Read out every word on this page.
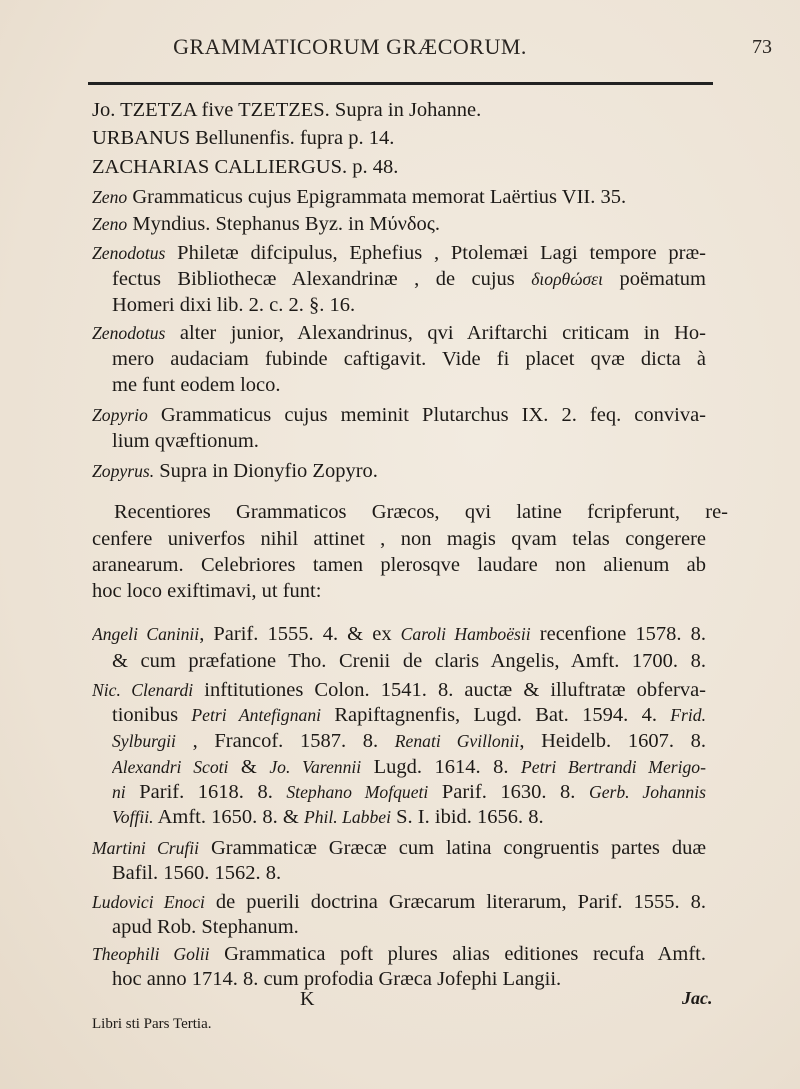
GRAMMATICORUM GRÆCORUM.	73
Jo. TZETZA five TZETZES. Supra in Johanne.
URBANUS Bellunenfis. fupra p. 14.
ZACHARIAS CALLIERGUS. p. 48.
Zeno Grammaticus cujus Epigrammata memorat Laërtius VII. 35.
Zeno Myndius. Stephanus Byz. in Μύνδος.
Zenodotus Philetæ difcipulus, Ephefius , Ptolemæi Lagi tempore præ-
fectus Bibliothecæ Alexandrinæ , de cujus διορθώσει poëmatum
Homeri dixi lib. 2. c. 2. §. 16.
Zenodotus alter junior, Alexandrinus, qvi Ariftarchi criticam in Ho-
mero audaciam fubinde caftigavit. Vide fi placet qvæ dicta à
me funt eodem loco.
Zopyrio Grammaticus cujus meminit Plutarchus IX. 2. feq. conviva-
lium qvæftionum.
Zopyrus. Supra in Dionyfio Zopyro.
Recentiores Grammaticos Græcos, qvi latine fcripferunt, re-
cenfere univerfos nihil attinet , non magis qvam telas congerere
aranearum. Celebriores tamen plerosqve laudare non alienum ab
hoc loco exiftimavi, ut funt:
Angeli Caninii, Parif. 1555. 4. & ex Caroli Hamboësii recenfione 1578. 8.
& cum præfatione Tho. Crenii de claris Angelis, Amft. 1700. 8.
Nic. Clenardi inftitutiones Colon. 1541. 8. auctæ & illuftratæ obferva-
tionibus Petri Antefignani Rapiftagnenfis, Lugd. Bat. 1594. 4. Frid.
Sylburgii , Francof. 1587. 8. Renati Gvillonii, Heidelb. 1607. 8.
Alexandri Scoti & Jo. Varennii Lugd. 1614. 8. Petri Bertrandi Merigo-
ni Parif. 1618. 8. Stephano Mofqueti Parif. 1630. 8. Gerb. Johannis
Voffii. Amft. 1650. 8. & Phil. Labbei S. I. ibid. 1656. 8.
Martini Crufii Grammaticæ Græcæ cum latina congruentis partes duæ
Bafil. 1560. 1562. 8.
Ludovici Enoci de puerili doctrina Græcarum literarum, Parif. 1555. 8.
apud Rob. Stephanum.
Theophili Golii Grammatica poft plures alias editiones recufa Amft.
hoc anno 1714. 8. cum profodia Græca Jofephi Langii.
K	Jac.
Libri sti Pars Tertia.
